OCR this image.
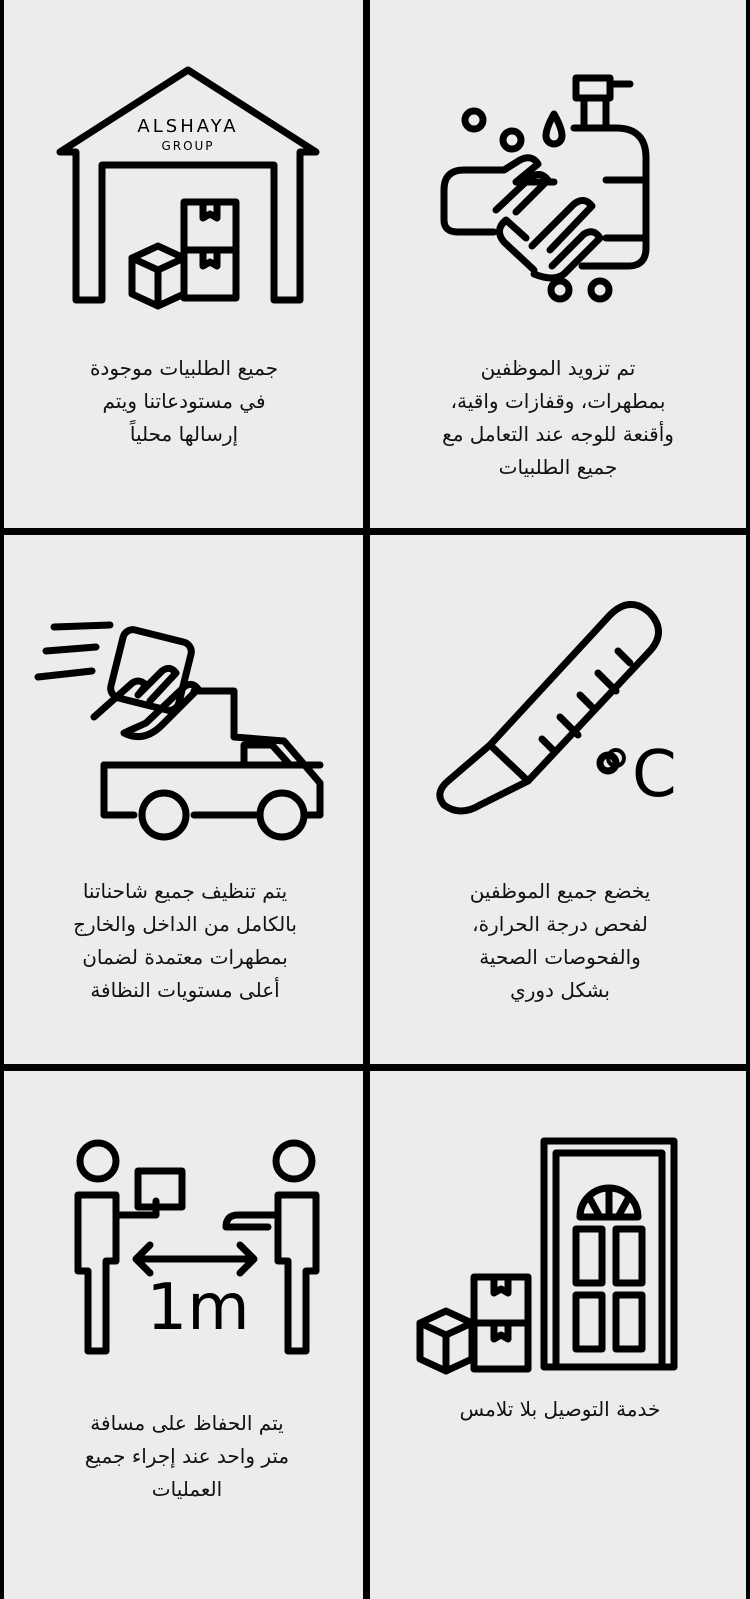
ALSHAYA
GROUP
جميع الطلبيات موجودة
في مستودعاتنا ويتم
إرسالها محلياً
تم تزويد الموظفين
بمطهرات، وقفازات واقية،
وأقنعة للوجه عند التعامل مع
جميع الطلبيات
يتم تنظيف جميع شاحناتنا
بالكامل من الداخل والخارج
بمطهرات معتمدة لضمان
أعلى مستويات النظافة
°C
يخضع جميع الموظفين
لفحص درجة الحرارة،
والفحوصات الصحية
بشكل دوري
1m
يتم الحفاظ على مسافة
متر واحد عند إجراء جميع
العمليات
خدمة التوصيل بلا تلامس
